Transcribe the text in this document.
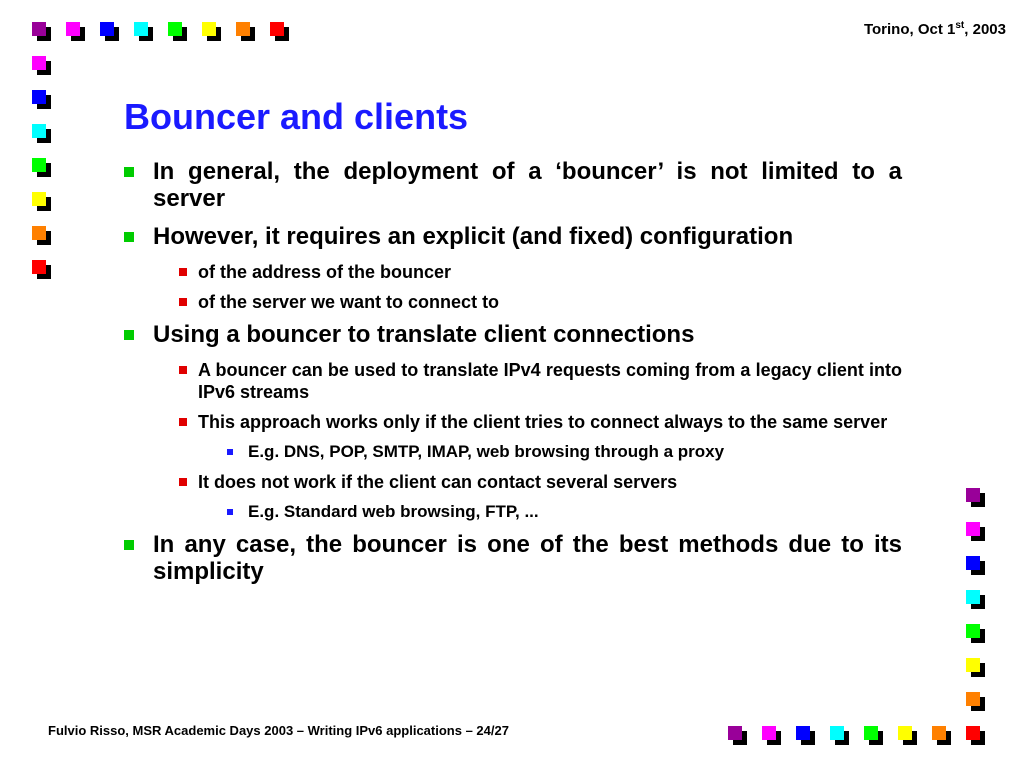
Torino, Oct 1st, 2003
Bouncer and clients
In general, the deployment of a ‘bouncer’ is not limited to a server
However, it requires an explicit (and fixed) configuration
of the address of the bouncer
of the server we want to connect to
Using a bouncer to translate client connections
A bouncer can be used to translate IPv4 requests coming from a legacy client into IPv6 streams
This approach works only if the client tries to connect always to the same server
E.g. DNS, POP, SMTP, IMAP, web browsing through a proxy
It does not work if the client can contact several servers
E.g. Standard web browsing, FTP, ...
In any case, the bouncer is one of the best methods due to its simplicity
Fulvio Risso, MSR Academic Days 2003 – Writing IPv6 applications – 24/27
